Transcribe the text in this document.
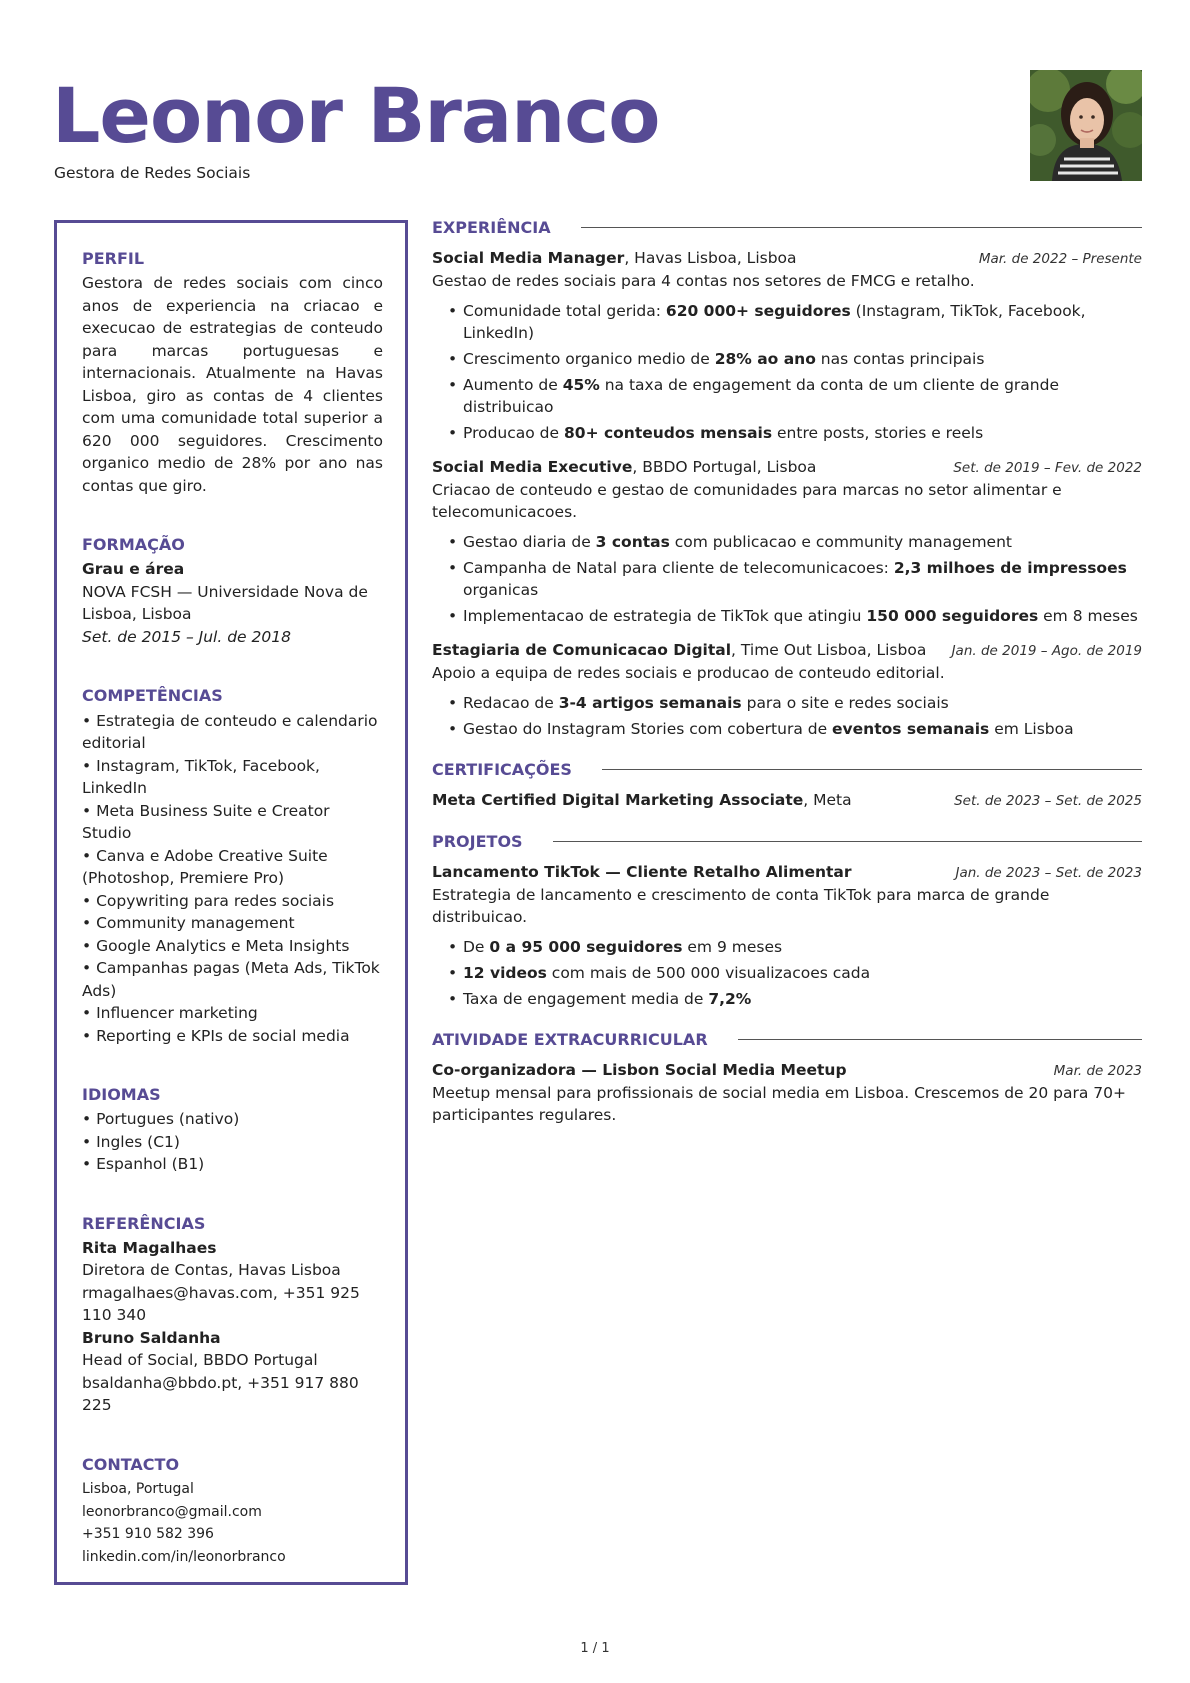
Leonor Branco
Gestora de Redes Sociais
PERFIL
Gestora de redes sociais com cinco anos de experiencia na criacao e execucao de estrategias de conteudo para marcas portuguesas e internacionais. Atualmente na Havas Lisboa, giro as contas de 4 clientes com uma comunidade total superior a 620 000 seguidores. Crescimento organico medio de 28% por ano nas contas que giro.
FORMAÇÃO
Grau e área
NOVA FCSH — Universidade Nova de Lisboa, Lisboa
Set. de 2015 – Jul. de 2018
COMPETÊNCIAS
• Estrategia de conteudo e calendario editorial
• Instagram, TikTok, Facebook, LinkedIn
• Meta Business Suite e Creator Studio
• Canva e Adobe Creative Suite (Photoshop, Premiere Pro)
• Copywriting para redes sociais
• Community management
• Google Analytics e Meta Insights
• Campanhas pagas (Meta Ads, TikTok Ads)
• Influencer marketing
• Reporting e KPIs de social media
IDIOMAS
• Portugues (nativo)
• Ingles (C1)
• Espanhol (B1)
REFERÊNCIAS
Rita Magalhaes
Diretora de Contas, Havas Lisboa
rmagalhaes@havas.com, +351 925 110 340
Bruno Saldanha
Head of Social, BBDO Portugal
bsaldanha@bbdo.pt, +351 917 880 225
CONTACTO
Lisboa, Portugal
leonorbranco@gmail.com
+351 910 582 396
linkedin.com/in/leonorbranco
EXPERIÊNCIA
Social Media Manager, Havas Lisboa, Lisboa	Mar. de 2022 – Presente
Gestao de redes sociais para 4 contas nos setores de FMCG e retalho.
• Comunidade total gerida: 620 000+ seguidores (Instagram, TikTok, Facebook, LinkedIn)
• Crescimento organico medio de 28% ao ano nas contas principais
• Aumento de 45% na taxa de engagement da conta de um cliente de grande distribuicao
• Producao de 80+ conteudos mensais entre posts, stories e reels
Social Media Executive, BBDO Portugal, Lisboa	Set. de 2019 – Fev. de 2022
Criacao de conteudo e gestao de comunidades para marcas no setor alimentar e telecomunicacoes.
• Gestao diaria de 3 contas com publicacao e community management
• Campanha de Natal para cliente de telecomunicacoes: 2,3 milhoes de impressoes organicas
• Implementacao de estrategia de TikTok que atingiu 150 000 seguidores em 8 meses
Estagiaria de Comunicacao Digital, Time Out Lisboa, Lisboa Jan. de 2019 – Ago. de 2019
Apoio a equipa de redes sociais e producao de conteudo editorial.
• Redacao de 3-4 artigos semanais para o site e redes sociais
• Gestao do Instagram Stories com cobertura de eventos semanais em Lisboa
CERTIFICAÇÕES
Meta Certified Digital Marketing Associate, Meta	Set. de 2023 – Set. de 2025
PROJETOS
Lancamento TikTok — Cliente Retalho Alimentar	Jan. de 2023 – Set. de 2023
Estrategia de lancamento e crescimento de conta TikTok para marca de grande distribuicao.
• De 0 a 95 000 seguidores em 9 meses
• 12 videos com mais de 500 000 visualizacoes cada
• Taxa de engagement media de 7,2%
ATIVIDADE EXTRACURRICULAR
Co-organizadora — Lisbon Social Media Meetup	Mar. de 2023
Meetup mensal para profissionais de social media em Lisboa. Crescemos de 20 para 70+ participantes regulares.
1 / 1
